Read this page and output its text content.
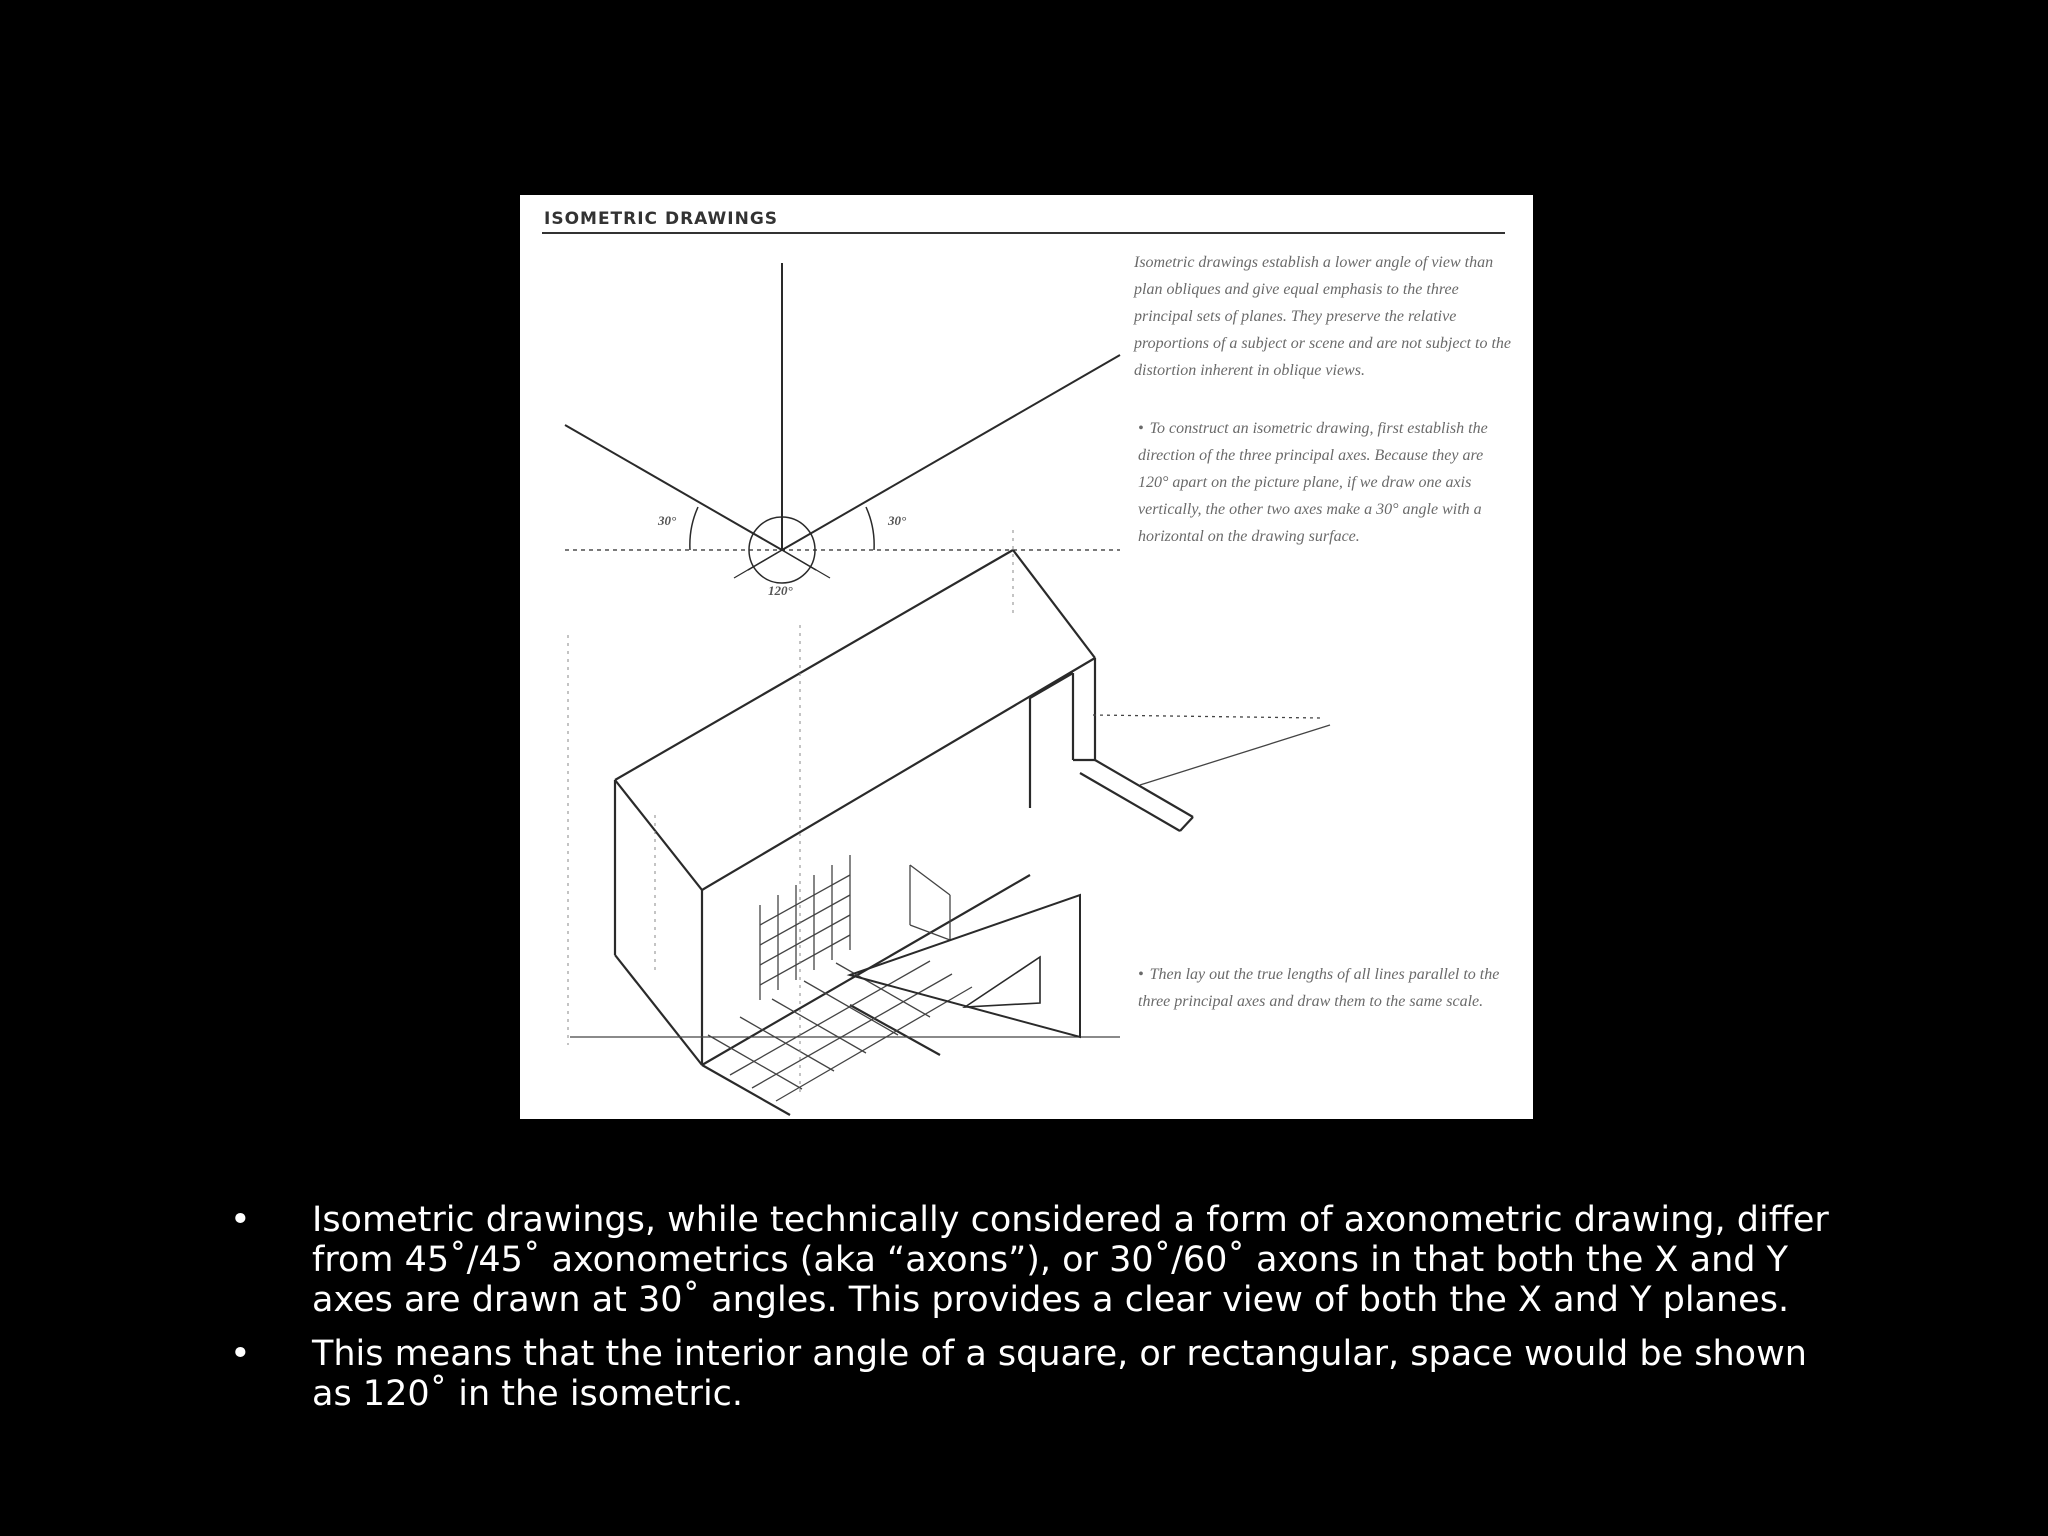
ISOMETRIC DRAWINGS
30°	30°
120°
Isometric drawings establish a lower angle of view than plan obliques and give equal emphasis to the three principal sets of planes. They preserve the relative proportions of a subject or scene and are not subject to the distortion inherent in oblique views.
• To construct an isometric drawing, first establish the direction of the three principal axes. Because they are 120° apart on the picture plane, if we draw one axis vertically, the other two axes make a 30° angle with a horizontal on the drawing surface.
• Then lay out the true lengths of all lines parallel to the three principal axes and draw them to the same scale.
• Isometric drawings, while technically considered a form of axonometric drawing, differ from 45˚/45˚ axonometrics (aka “axons”), or 30˚/60˚ axons in that both the X and Y axes are drawn at 30˚ angles. This provides a clear view of both the X and Y planes.
• This means that the interior angle of a square, or rectangular, space would be shown as 120˚ in the isometric.
